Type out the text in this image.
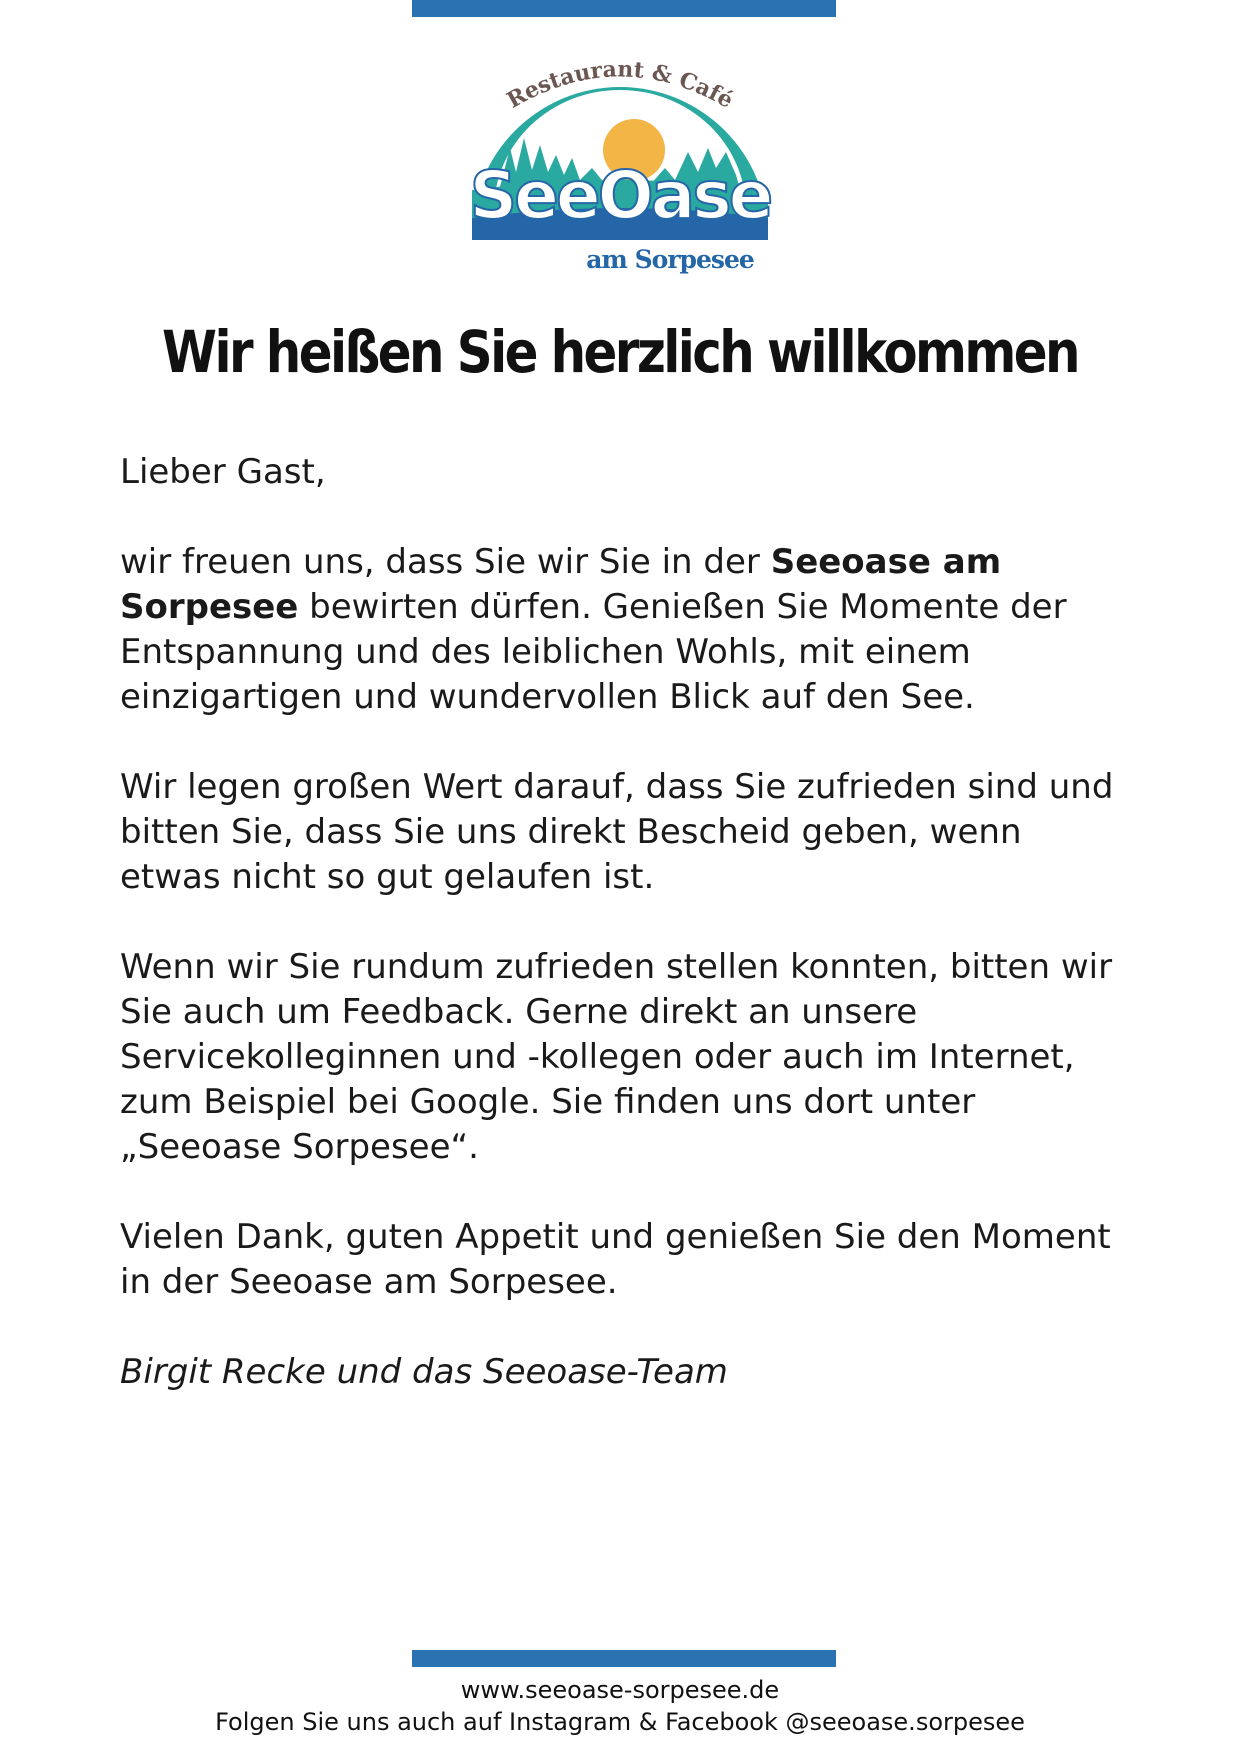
Restaurant & Café
SeeOase
am Sorpesee
Wir heißen Sie herzlich willkommen

Lieber Gast,

wir freuen uns, dass Sie wir Sie in der Seeoase am Sorpesee bewirten dürfen. Genießen Sie Momente der Entspannung und des leiblichen Wohls, mit einem einzigartigen und wundervollen Blick auf den See.

Wir legen großen Wert darauf, dass Sie zufrieden sind und bitten Sie, dass Sie uns direkt Bescheid geben, wenn etwas nicht so gut gelaufen ist.

Wenn wir Sie rundum zufrieden stellen konnten, bitten wir Sie auch um Feedback. Gerne direkt an unsere Servicekolleginnen und -kollegen oder auch im Internet, zum Beispiel bei Google. Sie finden uns dort unter „Seeoase Sorpesee“.

Vielen Dank, guten Appetit und genießen Sie den Moment in der Seeoase am Sorpesee.

Birgit Recke und das Seeoase-Team

www.seeoase-sorpesee.de
Folgen Sie uns auch auf Instagram & Facebook @seeoase.sorpesee
